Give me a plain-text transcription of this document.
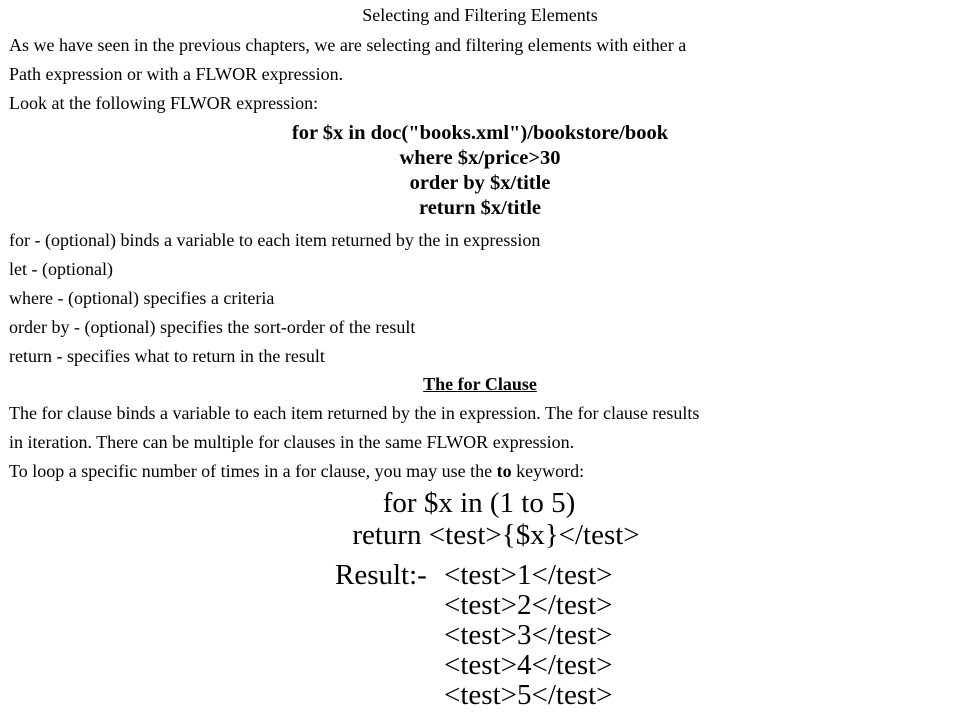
Selecting and Filtering Elements
As we have seen in the previous chapters, we are selecting and filtering elements with either a
Path expression or with a FLWOR expression.
Look at the following FLWOR expression:
for $x in doc("books.xml")/bookstore/book
where $x/price>30
order by $x/title
return $x/title
for - (optional) binds a variable to each item returned by the in expression
let - (optional)
where - (optional) specifies a criteria
order by - (optional) specifies the sort-order of the result
return - specifies what to return in the result
The for Clause
The for clause binds a variable to each item returned by the in expression. The for clause results
in iteration. There can be multiple for clauses in the same FLWOR expression.
To loop a specific number of times in a for clause, you may use the to keyword:
for $x in (1 to 5)
return <test>{$x}</test>
Result:- <test>1</test>
<test>2</test>
<test>3</test>
<test>4</test>
<test>5</test>
